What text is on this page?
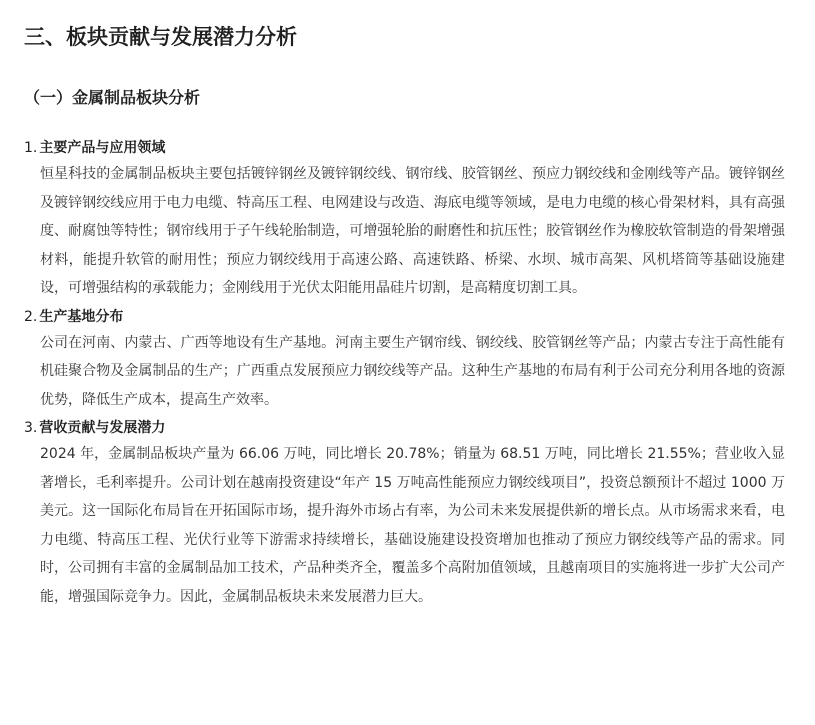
三、板块贡献与发展潜力分析
（一）金属制品板块分析
1. 主要产品与应用领域

恒星科技的金属制品板块主要包括镀锌钢丝及镀锌钢绞线、钢帘线、胶管钢丝、预应力钢绞线和金刚线等产品。镀锌钢丝及镀锌钢绞线应用于电力电缆、特高压工程、电网建设与改造、海底电缆等领域，是电力电缆的核心骨架材料，具有高强度、耐腐蚀等特性；钢帘线用于子午线轮胎制造，可增强轮胎的耐磨性和抗压性；胶管钢丝作为橡胶软管制造的骨架增强材料，能提升软管的耐用性；预应力钢绞线用于高速公路、高速铁路、桥梁、水坝、城市高架、风机塔筒等基础设施建设，可增强结构的承载能力；金刚线用于光伏太阳能用晶硅片切割，是高精度切割工具。

2. 生产基地分布

公司在河南、内蒙古、广西等地设有生产基地。河南主要生产钢帘线、钢绞线、胶管钢丝等产品；内蒙古专注于高性能有机硅聚合物及金属制品的生产；广西重点发展预应力钢绞线等产品。这种生产基地的布局有利于公司充分利用各地的资源优势，降低生产成本，提高生产效率。

3. 营收贡献与发展潜力

2024 年，金属制品板块产量为 66.06 万吨，同比增长 20.78%；销量为 68.51 万吨，同比增长 21.55%；营业收入显著增长，毛利率提升。公司计划在越南投资建设“年产 15 万吨高性能预应力钢绞线项目”，投资总额预计不超过 1000 万美元。这一国际化布局旨在开拓国际市场，提升海外市场占有率，为公司未来发展提供新的增长点。从市场需求来看，电力电缆、特高压工程、光伏行业等下游需求持续增长，基础设施建设投资增加也推动了预应力钢绞线等产品的需求。同时，公司拥有丰富的金属制品加工技术，产品种类齐全，覆盖多个高附加值领域，且越南项目的实施将进一步扩大公司产能，增强国际竞争力。因此，金属制品板块未来发展潜力巨大。
